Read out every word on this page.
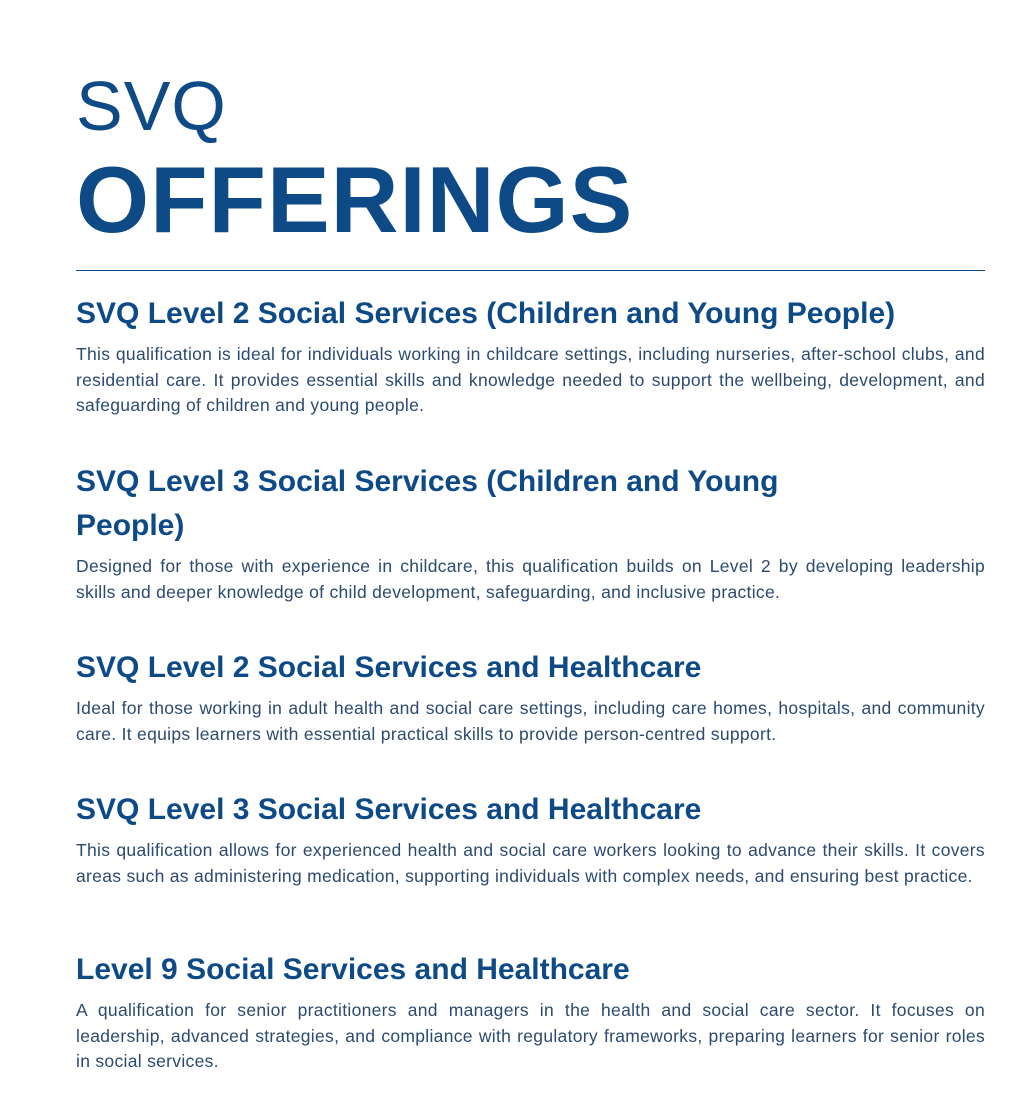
SVQ
OFFERINGS
SVQ Level 2 Social Services (Children and Young People)

This qualification is ideal for individuals working in childcare settings, including nurseries, after-school clubs, and residential care. It provides essential skills and knowledge needed to support the wellbeing, development, and safeguarding of children and young people.

SVQ Level 3 Social Services (Children and Young People)

Designed for those with experience in childcare, this qualification builds on Level 2 by developing leadership skills and deeper knowledge of child development, safeguarding, and inclusive practice.

SVQ Level 2 Social Services and Healthcare

Ideal for those working in adult health and social care settings, including care homes, hospitals, and community care. It equips learners with essential practical skills to provide person-centred support.

SVQ Level 3 Social Services and Healthcare

This qualification allows for experienced health and social care workers looking to advance their skills. It covers areas such as administering medication, supporting individuals with complex needs, and ensuring best practice.

Level 9 Social Services and Healthcare

A qualification for senior practitioners and managers in the health and social care sector. It focuses on leadership, advanced strategies, and compliance with regulatory frameworks, preparing learners for senior roles in social services.
